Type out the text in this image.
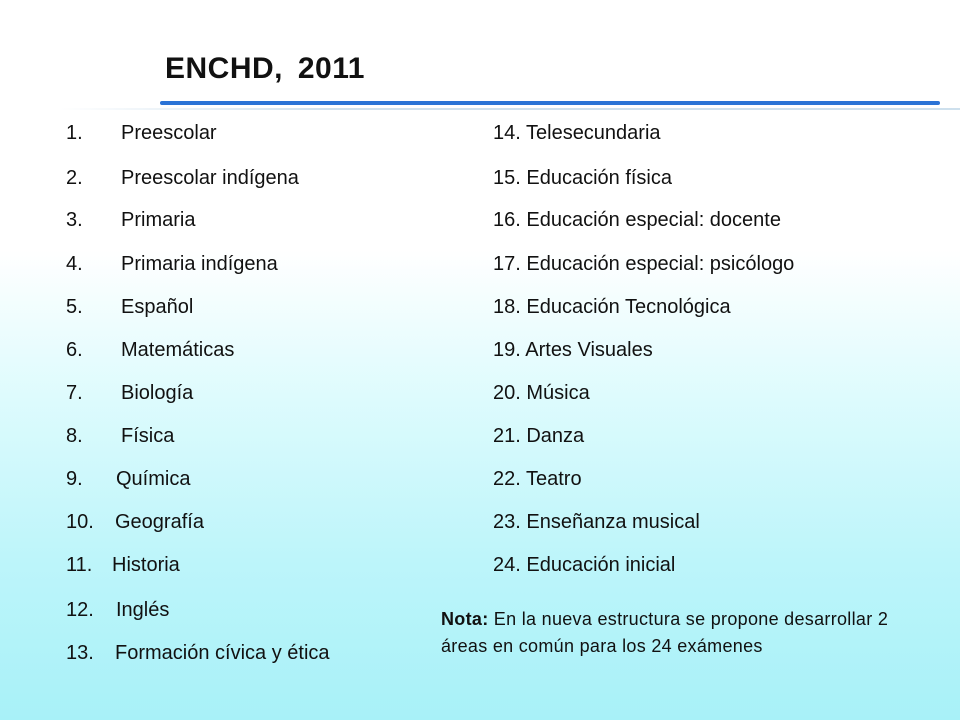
ENCHD, 2011
1. Preescolar
2. Preescolar indígena
3. Primaria
4. Primaria indígena
5. Español
6. Matemáticas
7. Biología
8. Física
9. Química
10. Geografía
11. Historia
12. Inglés
13. Formación cívica y ética
14. Telesecundaria
15. Educación física
16. Educación especial: docente
17. Educación especial: psicólogo
18. Educación Tecnológica
19. Artes Visuales
20. Música
21. Danza
22. Teatro
23. Enseñanza musical
24. Educación inicial
Nota: En la nueva estructura se propone desarrollar 2 áreas en común para los 24 exámenes
